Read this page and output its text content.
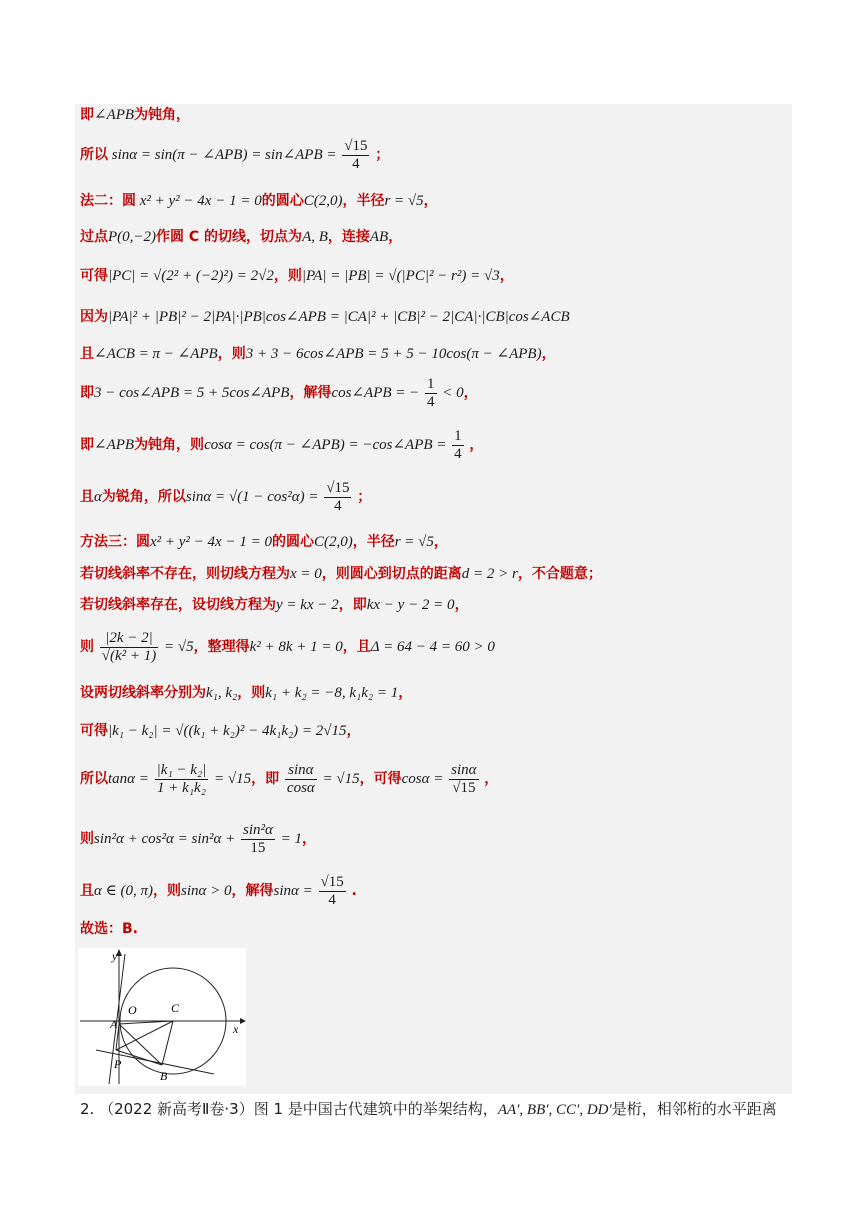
即∠APB为钝角，
所以 sinα = sin(π − ∠APB) = sin∠APB = $\frac{√15}{4}$ ；
法二：圆 x² + y² − 4x − 1 = 0的圆心C(2,0)，半径r = √5，
过点P(0,−2)作圆 C 的切线，切点为A, B，连接AB，
可得|PC| = √(2² + (−2)²) = 2√2，则|PA| = |PB| = √(|PC|² − r²) = √3，
因为|PA|² + |PB|² − 2|PA|·|PB|cos∠APB = |CA|² + |CB|² − 2|CA|·|CB|cos∠ACB
且∠ACB = π − ∠APB，则3 + 3 − 6cos∠APB = 5 + 5 − 10cos(π − ∠APB)，
即3 − cos∠APB = 5 + 5cos∠APB，解得cos∠APB = − $\frac{1}{4} < 0$，
即∠APB为钝角，则cosα = cos(π − ∠APB) = −cos∠APB = $\frac{1}{4}$ ，
且α为锐角，所以$\sin\alpha = √(1 - \cos^2\alpha) = \frac{√15}{4}$ ；
方法三：圆x² + y² − 4x − 1 = 0的圆心C(2,0)，半径r = √5，
若切线斜率不存在，则切线方程为x = 0，则圆心到切点的距离d = 2 > r，不合题意；
若切线斜率存在，设切线方程为y = kx − 2，即kx − y − 2 = 0，
则 $\frac{|2k - 2|}{\text{√(k² + 1)}} = √5$，整理得k² + 8k + 1 = 0，且Δ = 64 − 4 = 60 > 0
设两切线斜率分别为k₁, k₂，则k₁ + k₂ = −8, k₁k₂ = 1，
可得|k₁ − k₂| = √((k₁ + k₂)² − 4k₁k₂) = 2√15，
所以$\tan\alpha = \frac{\text{|k₁ − k₂|}}{\text{1 + k₁k₂}} = √15$，即 $\frac{\sin\alpha}{\cos\alpha} = √15$，可得$\cos\alpha = \frac{\sin\alpha}{√15}$ ，
则$\sin^2\alpha + \cos^2\alpha = \sin^2\alpha + \frac{\text{sin²α}}{15} = 1$，
且α ∈ (0, π)，则sinα > 0，解得$\sin\alpha = \frac{√15}{4}$ .
故选：B.
y
x
O	C
A
P
B
2. （2022 新高考Ⅱ卷·3）图 1 是中国古代建筑中的举架结构，AA′, BB′, CC′, DD′是桁，相邻桁的水平距离
